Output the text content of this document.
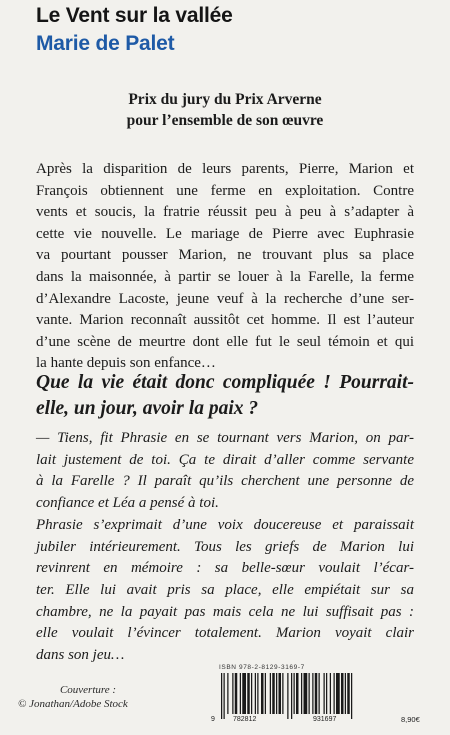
Le Vent sur la vallée
Marie de Palet
Prix du jury du Prix Arverne
pour l’ensemble de son œuvre
Après la disparition de leurs parents, Pierre, Marion et
François obtiennent une ferme en exploitation. Contre
vents et soucis, la fratrie réussit peu à peu à s’adapter à
cette vie nouvelle. Le mariage de Pierre avec Euphrasie
va pourtant pousser Marion, ne trouvant plus sa place
dans la maisonnée, à partir se louer à la Farelle, la ferme
d’Alexandre Lacoste, jeune veuf à la recherche d’une ser-
vante. Marion reconnaît aussitôt cet homme. Il est l’auteur
d’une scène de meurtre dont elle fut le seul témoin et qui
la hante depuis son enfance…
Que la vie était donc compliquée ! Pourrait-
elle, un jour, avoir la paix ?
— Tiens, fit Phrasie en se tournant vers Marion, on par-
lait justement de toi. Ça te dirait d’aller comme servante
à la Farelle ? Il paraît qu’ils cherchent une personne de
confiance et Léa a pensé à toi.
Phrasie s’exprimait d’une voix doucereuse et paraissait
jubiler intérieurement. Tous les griefs de Marion lui
revinrent en mémoire : sa belle-sœur voulait l’écar-
ter. Elle lui avait pris sa place, elle empiétait sur sa
chambre, ne la payait pas mais cela ne lui suffisait pas :
elle voulait l’évincer totalement. Marion voyait clair
dans son jeu…
Couverture :
© Jonathan/Adobe Stock
ISBN 978-2-8129-3169-7
9	782812	931697	8,90€
